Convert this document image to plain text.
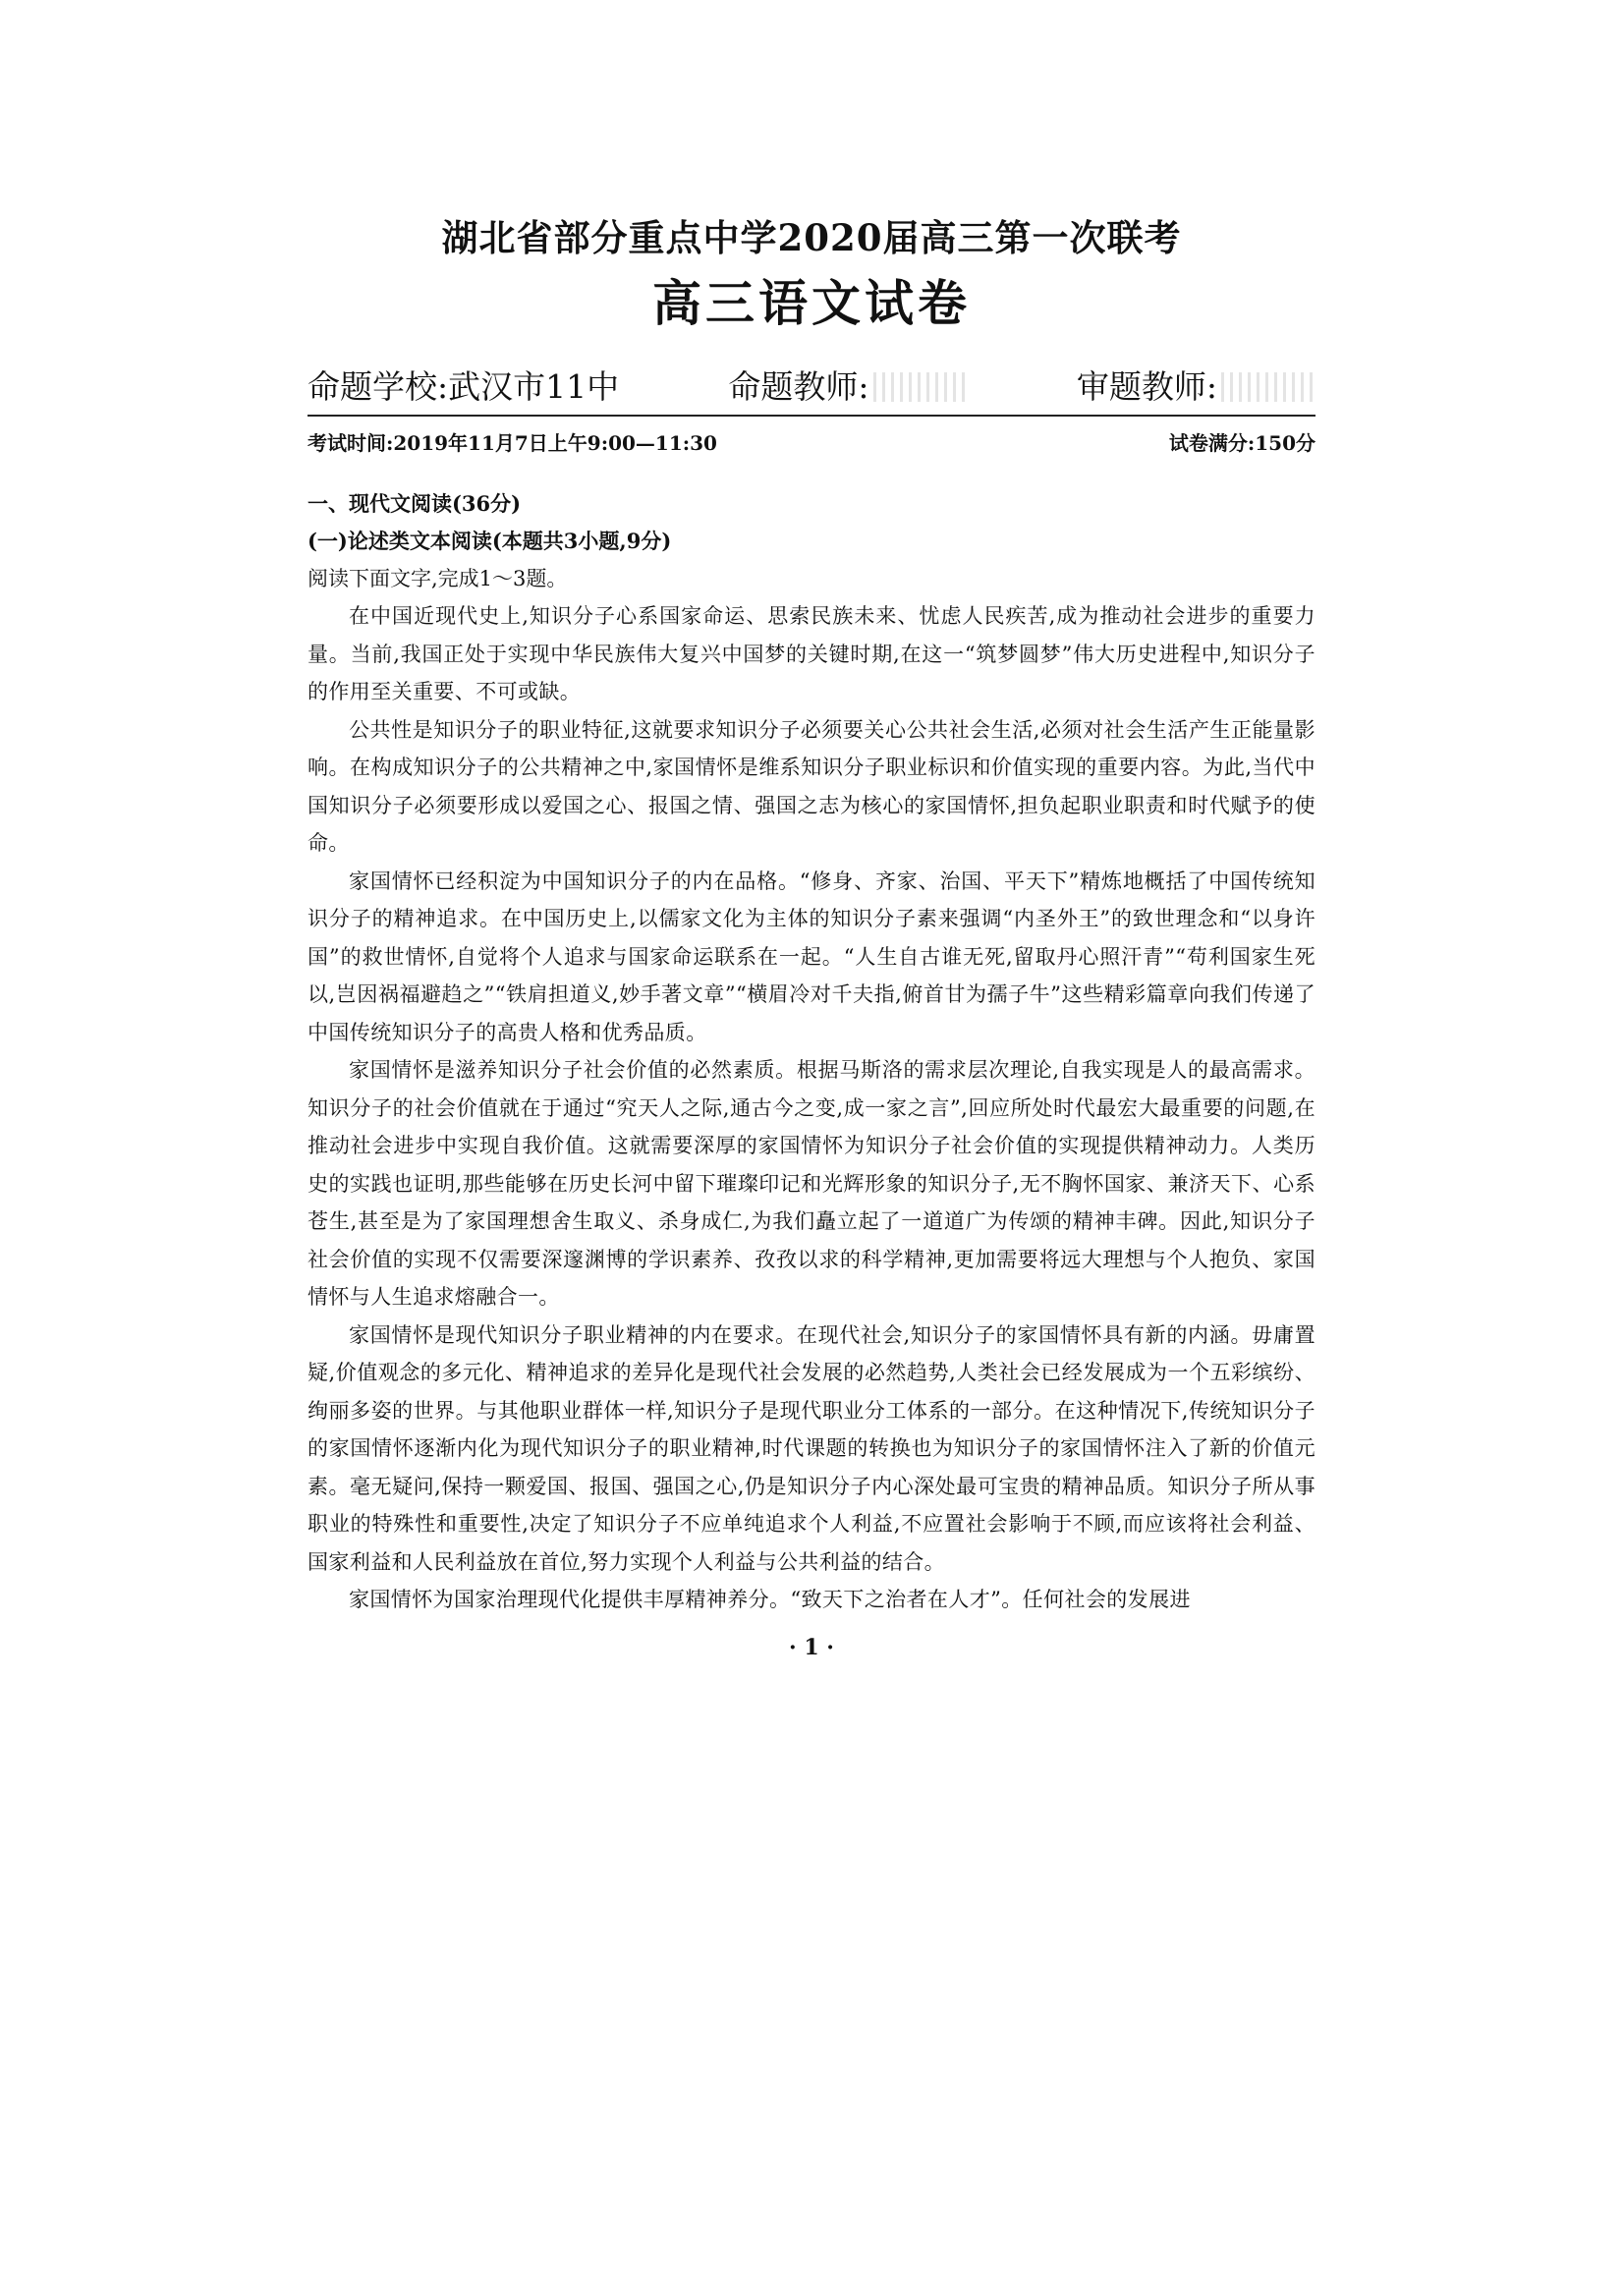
湖北省部分重点中学2020届高三第一次联考
高三语文试卷
命题学校:武汉市11中	命题教师:	审题教师:
考试时间:2019年11月7日上午9:00—11:30	试卷满分:150分
一、现代文阅读(36分)
(一)论述类文本阅读(本题共3小题,9分)
阅读下面文字,完成1～3题。

在中国近现代史上,知识分子心系国家命运、思索民族未来、忧虑人民疾苦,成为推动社会进步的重要力量。当前,我国正处于实现中华民族伟大复兴中国梦的关键时期,在这一“筑梦圆梦”伟大历史进程中,知识分子的作用至关重要、不可或缺。

公共性是知识分子的职业特征,这就要求知识分子必须要关心公共社会生活,必须对社会生活产生正能量影响。在构成知识分子的公共精神之中,家国情怀是维系知识分子职业标识和价值实现的重要内容。为此,当代中国知识分子必须要形成以爱国之心、报国之情、强国之志为核心的家国情怀,担负起职业职责和时代赋予的使命。

家国情怀已经积淀为中国知识分子的内在品格。“修身、齐家、治国、平天下”精炼地概括了中国传统知识分子的精神追求。在中国历史上,以儒家文化为主体的知识分子素来强调“内圣外王”的致世理念和“以身许国”的救世情怀,自觉将个人追求与国家命运联系在一起。“人生自古谁无死,留取丹心照汗青”“苟利国家生死以,岂因祸福避趋之”“铁肩担道义,妙手著文章”“横眉冷对千夫指,俯首甘为孺子牛”这些精彩篇章向我们传递了中国传统知识分子的高贵人格和优秀品质。

家国情怀是滋养知识分子社会价值的必然素质。根据马斯洛的需求层次理论,自我实现是人的最高需求。知识分子的社会价值就在于通过“究天人之际,通古今之变,成一家之言”,回应所处时代最宏大最重要的问题,在推动社会进步中实现自我价值。这就需要深厚的家国情怀为知识分子社会价值的实现提供精神动力。人类历史的实践也证明,那些能够在历史长河中留下璀璨印记和光辉形象的知识分子,无不胸怀国家、兼济天下、心系苍生,甚至是为了家国理想舍生取义、杀身成仁,为我们矗立起了一道道广为传颂的精神丰碑。因此,知识分子社会价值的实现不仅需要深邃渊博的学识素养、孜孜以求的科学精神,更加需要将远大理想与个人抱负、家国情怀与人生追求熔融合一。

家国情怀是现代知识分子职业精神的内在要求。在现代社会,知识分子的家国情怀具有新的内涵。毋庸置疑,价值观念的多元化、精神追求的差异化是现代社会发展的必然趋势,人类社会已经发展成为一个五彩缤纷、绚丽多姿的世界。与其他职业群体一样,知识分子是现代职业分工体系的一部分。在这种情况下,传统知识分子的家国情怀逐渐内化为现代知识分子的职业精神,时代课题的转换也为知识分子的家国情怀注入了新的价值元素。毫无疑问,保持一颗爱国、报国、强国之心,仍是知识分子内心深处最可宝贵的精神品质。知识分子所从事职业的特殊性和重要性,决定了知识分子不应单纯追求个人利益,不应置社会影响于不顾,而应该将社会利益、国家利益和人民利益放在首位,努力实现个人利益与公共利益的结合。

家国情怀为国家治理现代化提供丰厚精神养分。“致天下之治者在人才”。任何社会的发展进

· 1 ·
